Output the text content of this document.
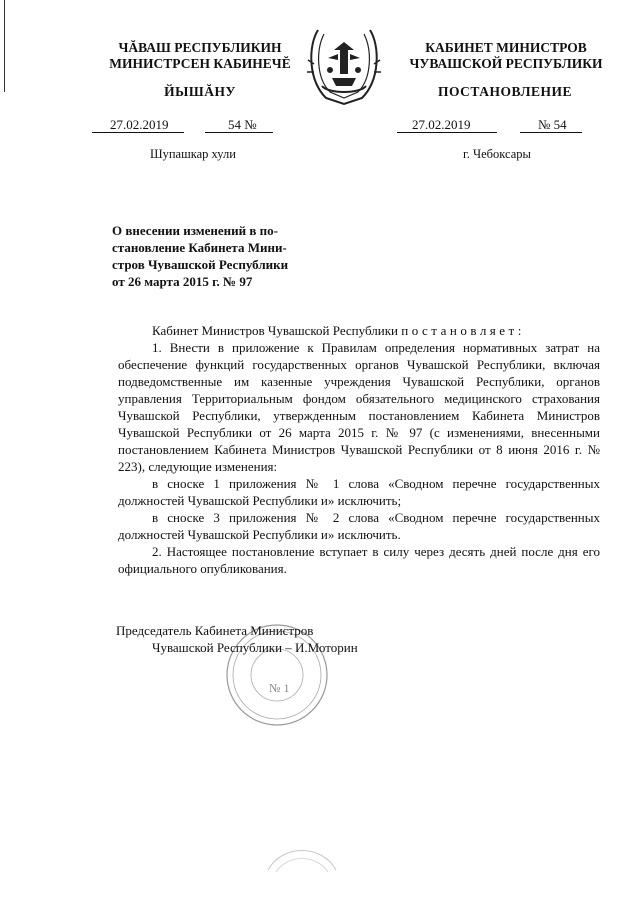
ЧĂВАШ РЕСПУБЛИКИН
МИНИСТРСЕН КАБИНЕЧĔ
ЙЫШĂНУ
КАБИНЕТ МИНИСТРОВ
ЧУВАШСКОЙ РЕСПУБЛИКИ
ПОСТАНОВЛЕНИЕ
27.02.2019	54 №	27.02.2019	№ 54
Шупашкар хули	г. Чебоксары
О внесении изменений в по-
становление Кабинета Мини-
стров Чувашской Республики
от 26 марта 2015 г. № 97

Кабинет Министров Чувашской Республики постановляет:

1. Внести в приложение к Правилам определения нормативных затрат на обеспечение функций государственных органов Чувашской Республики, включая подведомственные им казенные учреждения Чувашской Республики, органов управления Территориальным фондом обязательного медицинского страхования Чувашской Республики, утвержденным постановлением Кабинета Министров Чувашской Республики от 26 марта 2015 г. № 97 (с изменениями, внесенными постановлением Кабинета Министров Чувашской Республики от 8 июня 2016 г. № 223), следующие изменения:

в сноске 1 приложения № 1 слова «Сводном перечне государственных должностей Чувашской Республики и» исключить;

в сноске 3 приложения № 2 слова «Сводном перечне государственных должностей Чувашской Республики и» исключить.

2. Настоящее постановление вступает в силу через десять дней после дня его официального опубликования.

№ 1
Председатель Кабинета Министров
Чувашской Республики – И.Моторин
